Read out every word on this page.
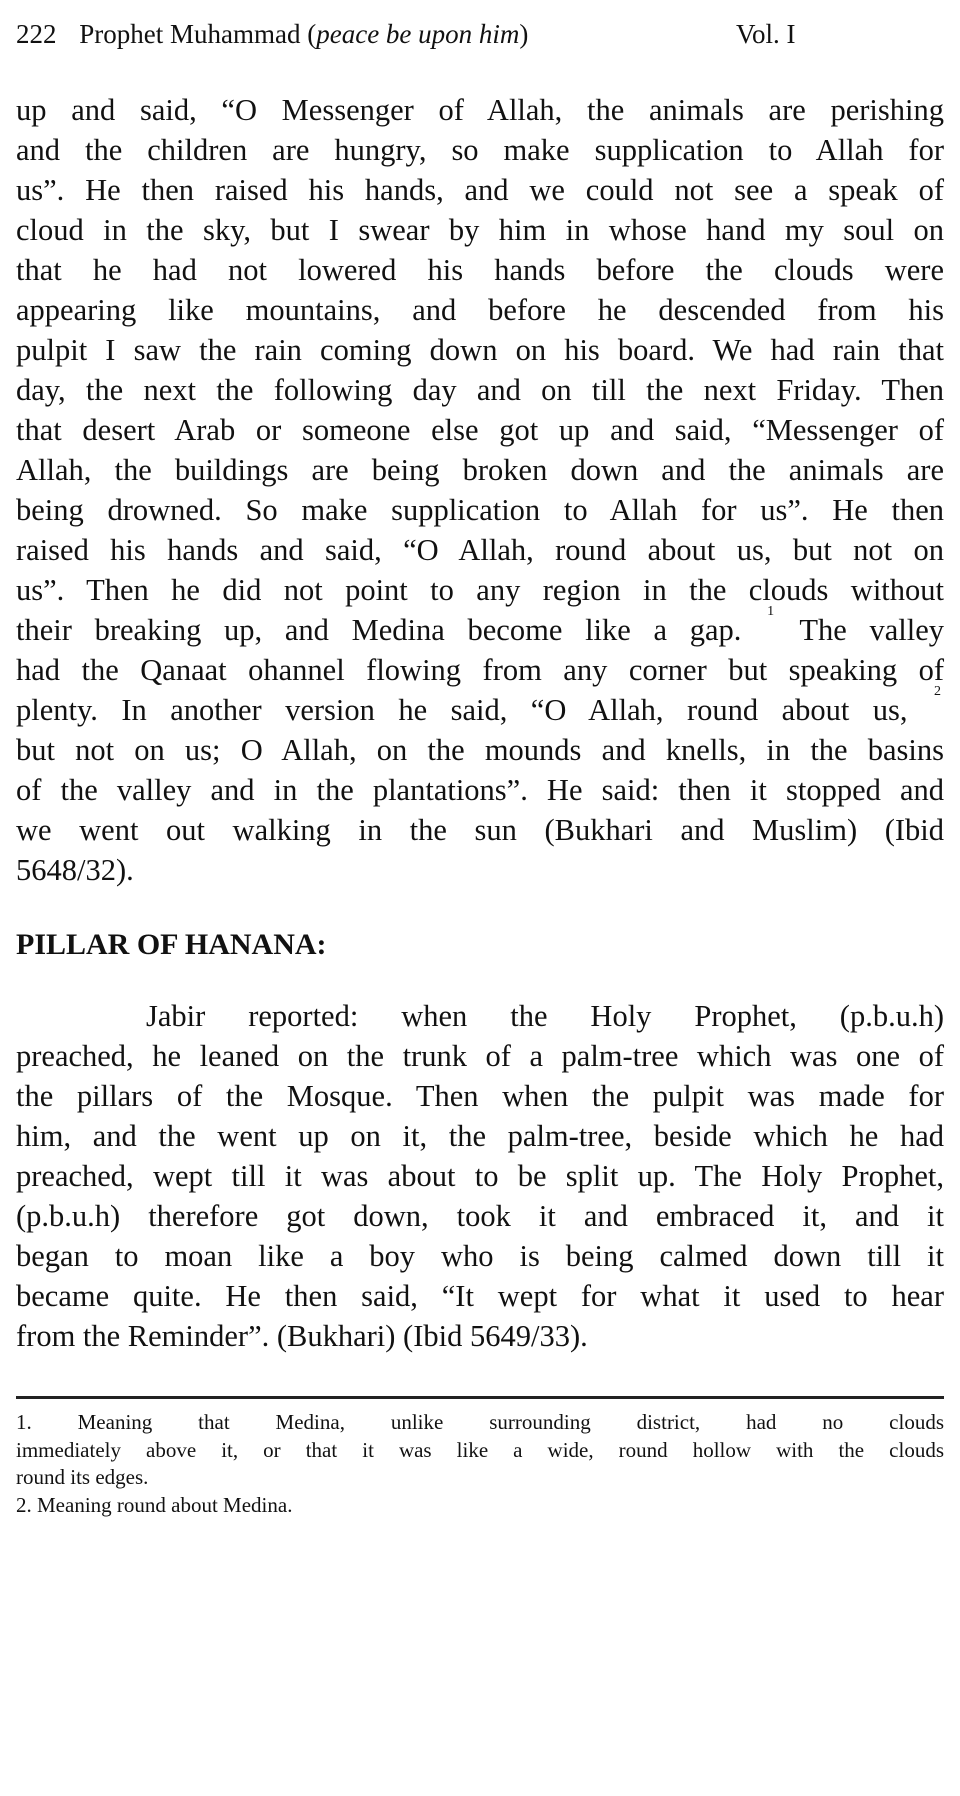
222 Prophet Muhammad (peace be upon him)	Vol. I
up and said, “O Messenger of Allah, the animals are perishing
and the children are hungry, so make supplication to Allah for
us”. He then raised his hands, and we could not see a speak of
cloud in the sky, but I swear by him in whose hand my soul on
that he had not lowered his hands before the clouds were
appearing like mountains, and before he descended from his
pulpit I saw the rain coming down on his board. We had rain that
day, the next the following day and on till the next Friday. Then
that desert Arab or someone else got up and said, “Messenger of
Allah, the buildings are being broken down and the animals are
being drowned. So make supplication to Allah for us”. He then
raised his hands and said, “O Allah, round about us, but not on
us”. Then he did not point to any region in the clouds without
their breaking up, and Medina become like a gap. $^1$ The valley
had the Qanaat ohannel flowing from any corner but speaking of
plenty. In another version he said, “O Allah, round about us, $^2$
but not on us; O Allah, on the mounds and knells, in the basins
of the valley and in the plantations”. He said: then it stopped and
we went out walking in the sun (Bukhari and Muslim) (Ibid
5648/32).
PILLAR OF HANANA:
Jabir reported: when the Holy Prophet, (p.b.u.h)
preached, he leaned on the trunk of a palm-tree which was one of
the pillars of the Mosque. Then when the pulpit was made for
him, and the went up on it, the palm-tree, beside which he had
preached, wept till it was about to be split up. The Holy Prophet,
(p.b.u.h) therefore got down, took it and embraced it, and it
began to moan like a boy who is being calmed down till it
became quite. He then said, “It wept for what it used to hear
from the Reminder”. (Bukhari) (Ibid 5649/33).
1. Meaning that Medina, unlike surrounding district, had no clouds
immediately above it, or that it was like a wide, round hollow with the clouds
round its edges.
2. Meaning round about Medina.
